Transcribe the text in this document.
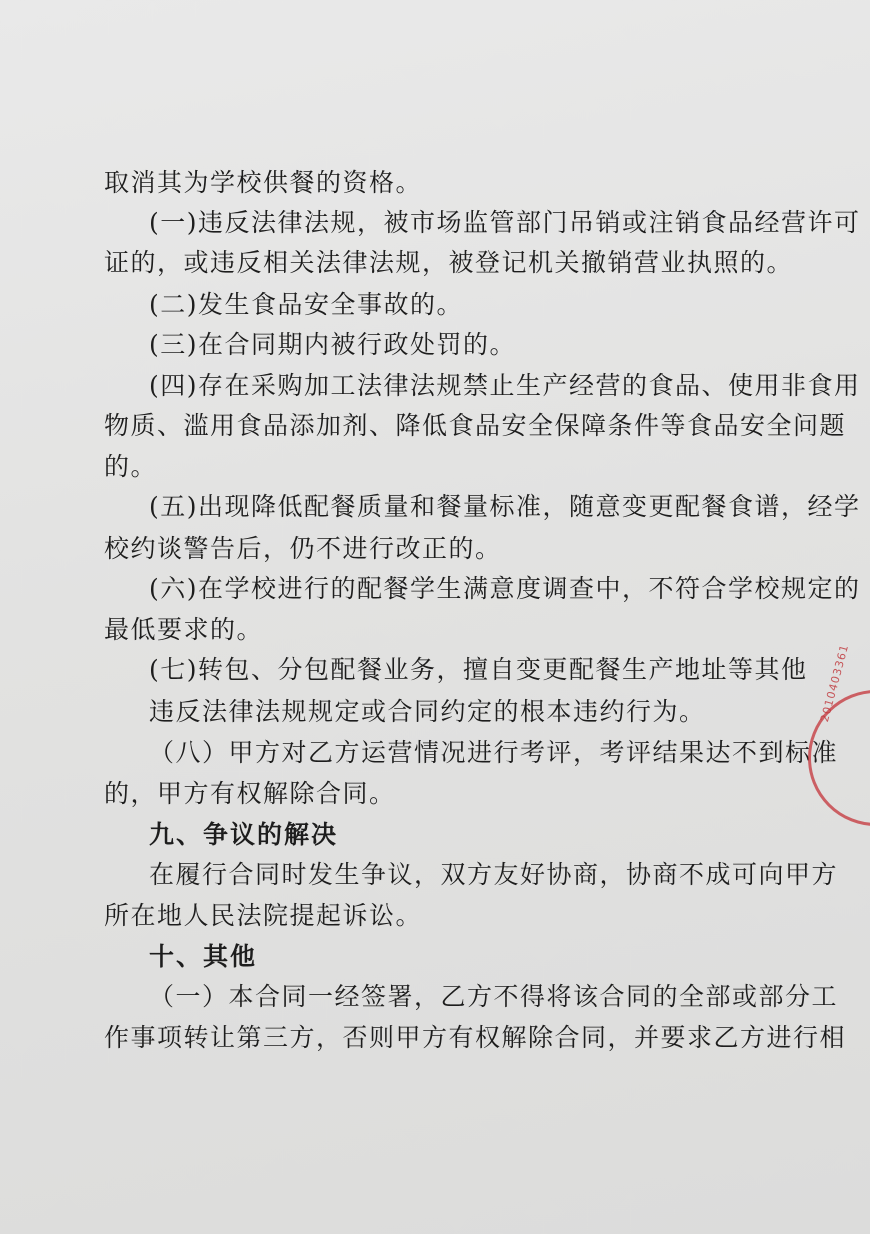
取消其为学校供餐的资格。
(一)违反法律法规，被市场监管部门吊销或注销食品经营许可
证的，或违反相关法律法规，被登记机关撤销营业执照的。
(二)发生食品安全事故的。
(三)在合同期内被行政处罚的。
(四)存在采购加工法律法规禁止生产经营的食品、使用非食用
物质、滥用食品添加剂、降低食品安全保障条件等食品安全问题
的。
(五)出现降低配餐质量和餐量标准，随意变更配餐食谱，经学
校约谈警告后，仍不进行改正的。
(六)在学校进行的配餐学生满意度调查中，不符合学校规定的
最低要求的。
(七)转包、分包配餐业务，擅自变更配餐生产地址等其他
违反法律法规规定或合同约定的根本违约行为。
（八）甲方对乙方运营情况进行考评，考评结果达不到标准
的，甲方有权解除合同。
九、争议的解决
在履行合同时发生争议，双方友好协商，协商不成可向甲方
所在地人民法院提起诉讼。
十、其他
（一）本合同一经签署，乙方不得将该合同的全部或部分工
作事项转让第三方，否则甲方有权解除合同，并要求乙方进行相
2010403361
